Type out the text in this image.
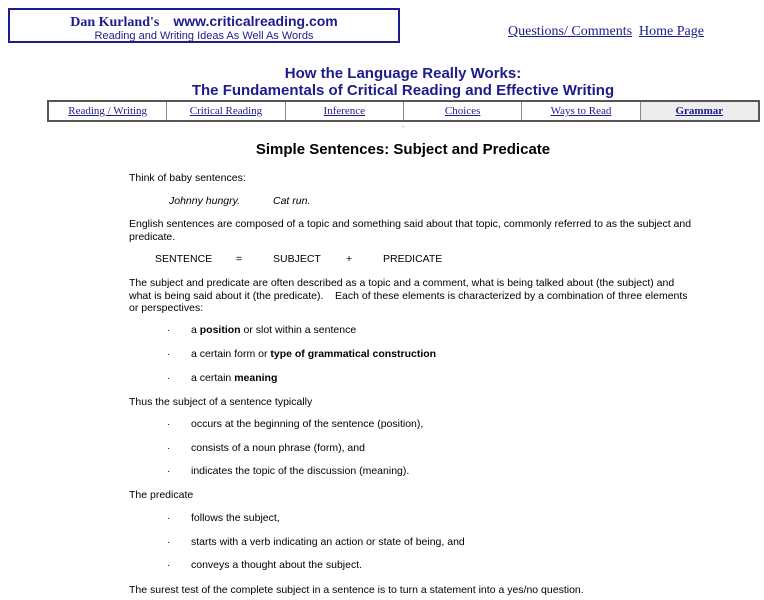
Dan Kurland's www.criticalreading.com
Reading and Writing Ideas As Well As Words	Questions/ Comments Home Page
How the Language Really Works:
The Fundamentals of Critical Reading and Effective Writing
Reading / Writing	Critical Reading	Inference	Choices	Ways to Read	Grammar
-
Simple Sentences: Subject and Predicate
Think of baby sentences:
Johnny hungry.	Cat run.
English sentences are composed of a topic and something said about that topic, commonly referred to as the subject and
predicate.
SENTENCE =	SUBJECT +	PREDICATE
The subject and predicate are often described as a topic and a comment, what is being talked about (the subject) and
what is being said about it (the predicate).    Each of these elements is characterized by a combination of three elements
or perspectives:
· a position or slot within a sentence
· a certain form or type of grammatical construction
· a certain meaning
Thus the subject of a sentence typically
· occurs at the beginning of the sentence (position),
· consists of a noun phrase (form), and
· indicates the topic of the discussion (meaning).
The predicate
· follows the subject,
· starts with a verb indicating an action or state of being, and
· conveys a thought about the subject.
The surest test of the complete subject in a sentence is to turn a statement into a yes/no question.
